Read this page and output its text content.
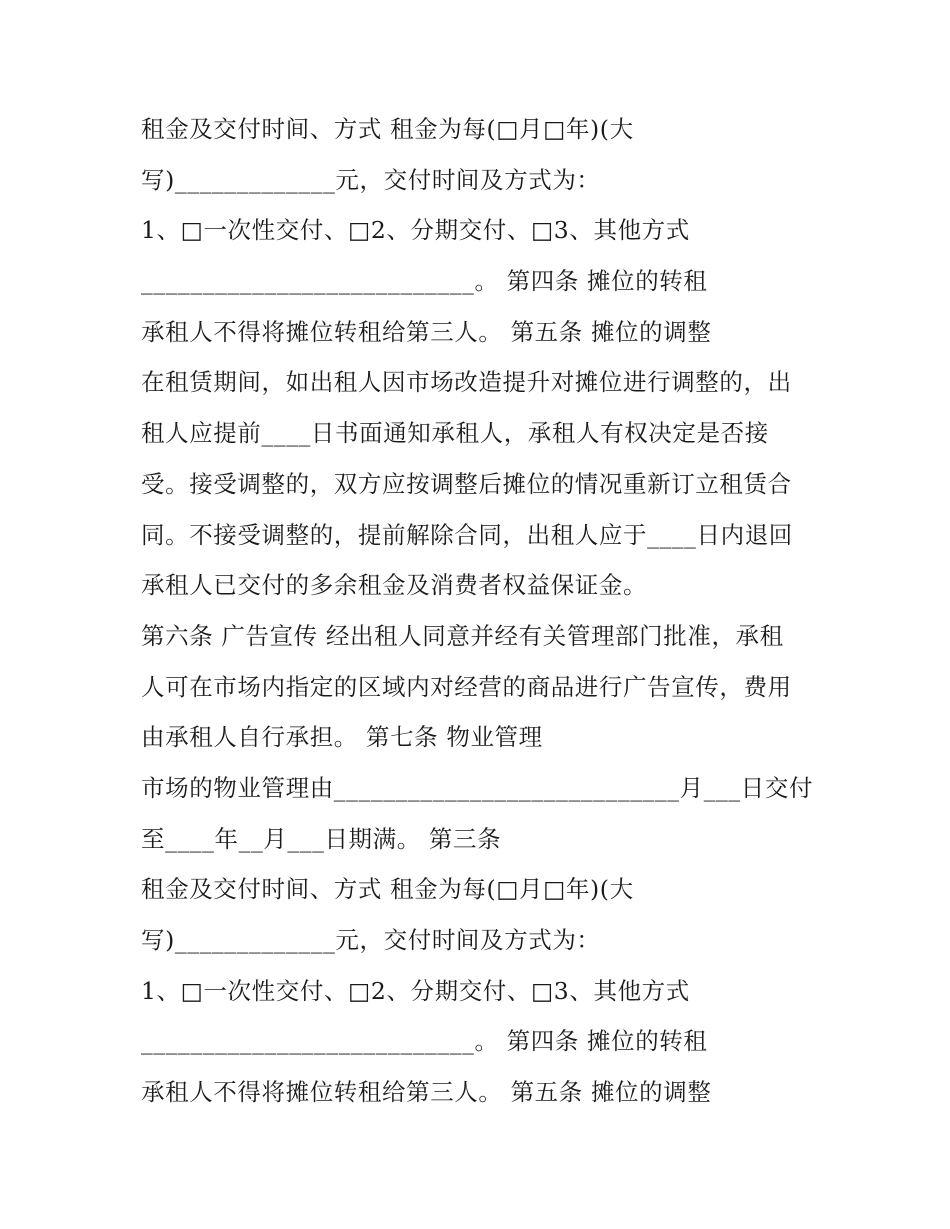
租金及交付时间、方式 租金为每(□月□年)(大
写)_____________元，交付时间及方式为：
1、□一次性交付、□2、分期交付、□3、其他方式
___________________________。 第四条 摊位的转租
承租人不得将摊位转租给第三人。 第五条 摊位的调整
在租赁期间，如出租人因市场改造提升对摊位进行调整的，出
租人应提前____日书面通知承租人，承租人有权决定是否接
受。接受调整的，双方应按调整后摊位的情况重新订立租赁合
同。不接受调整的，提前解除合同，出租人应于____日内退回
承租人已交付的多余租金及消费者权益保证金。
第六条 广告宣传 经出租人同意并经有关管理部门批准，承租
人可在市场内指定的区域内对经营的商品进行广告宣传，费用
由承租人自行承担。 第七条 物业管理
市场的物业管理由____________________________月___日交付
至____年__月___日期满。 第三条
租金及交付时间、方式 租金为每(□月□年)(大
写)_____________元，交付时间及方式为：
1、□一次性交付、□2、分期交付、□3、其他方式
___________________________。 第四条 摊位的转租
承租人不得将摊位转租给第三人。 第五条 摊位的调整
